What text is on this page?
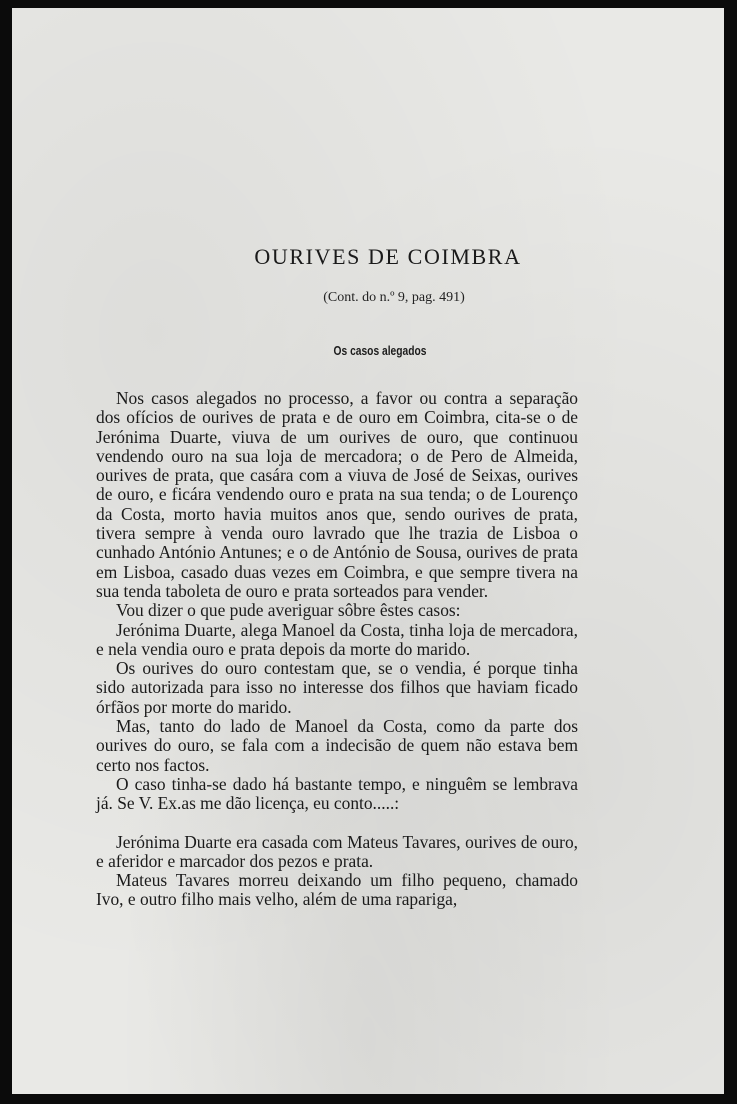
OURIVES DE COIMBRA
(Cont. do n.º 9, pag. 491)
Os casos alegados

Nos casos alegados no processo, a favor ou contra a separação dos ofícios de ourives de prata e de ouro em Coimbra, cita-se o de Jerónima Duarte, viuva de um ourives de ouro, que continuou vendendo ouro na sua loja de mercadora; o de Pero de Almeida, ourives de prata, que casára com a viuva de José de Seixas, ourives de ouro, e ficára vendendo ouro e prata na sua tenda; o de Lourenço da Costa, morto havia muitos anos que, sendo ourives de prata, tivera sempre à venda ouro lavrado que lhe trazia de Lisboa o cunhado António Antunes; e o de António de Sousa, ourives de prata em Lisboa, casado duas vezes em Coimbra, e que sempre tivera na sua tenda taboleta de ouro e prata sorteados para vender.

Vou dizer o que pude averiguar sôbre êstes casos:

Jerónima Duarte, alega Manoel da Costa, tinha loja de mercadora, e nela vendia ouro e prata depois da morte do marido.

Os ourives do ouro contestam que, se o vendia, é porque tinha sido autorizada para isso no interesse dos filhos que haviam ficado órfãos por morte do marido.

Mas, tanto do lado de Manoel da Costa, como da parte dos ourives do ouro, se fala com a indecisão de quem não estava bem certo nos factos.

O caso tinha-se dado há bastante tempo, e ninguêm se lembrava já. Se V. Ex.as me dão licença, eu conto.....:

Jerónima Duarte era casada com Mateus Tavares, ourives de ouro, e aferidor e marcador dos pezos e prata.

Mateus Tavares morreu deixando um filho pequeno, chamado Ivo, e outro filho mais velho, além de uma rapariga,
